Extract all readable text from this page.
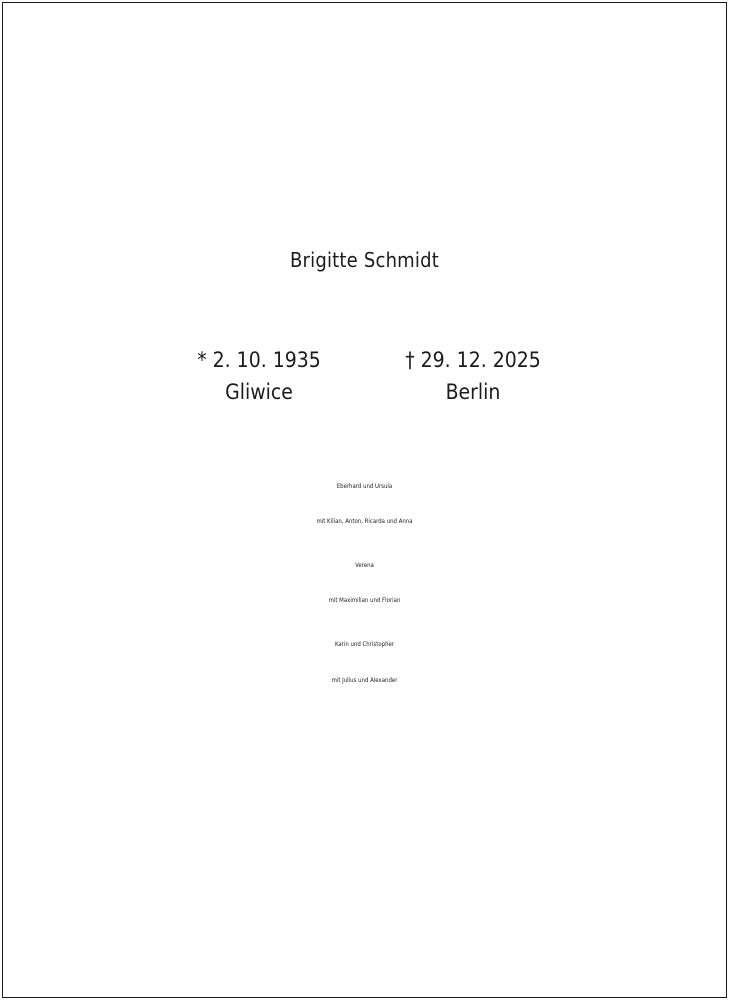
Brigitte Schmidt
* 2. 10. 1935
Gliwice
† 29. 12. 2025
Berlin
Eberhard und Ursula
mit Kilian, Anton, Ricarda und Anna
Verena
mit Maximilian und Florian
Karin und Christopher
mit Julius und Alexander
